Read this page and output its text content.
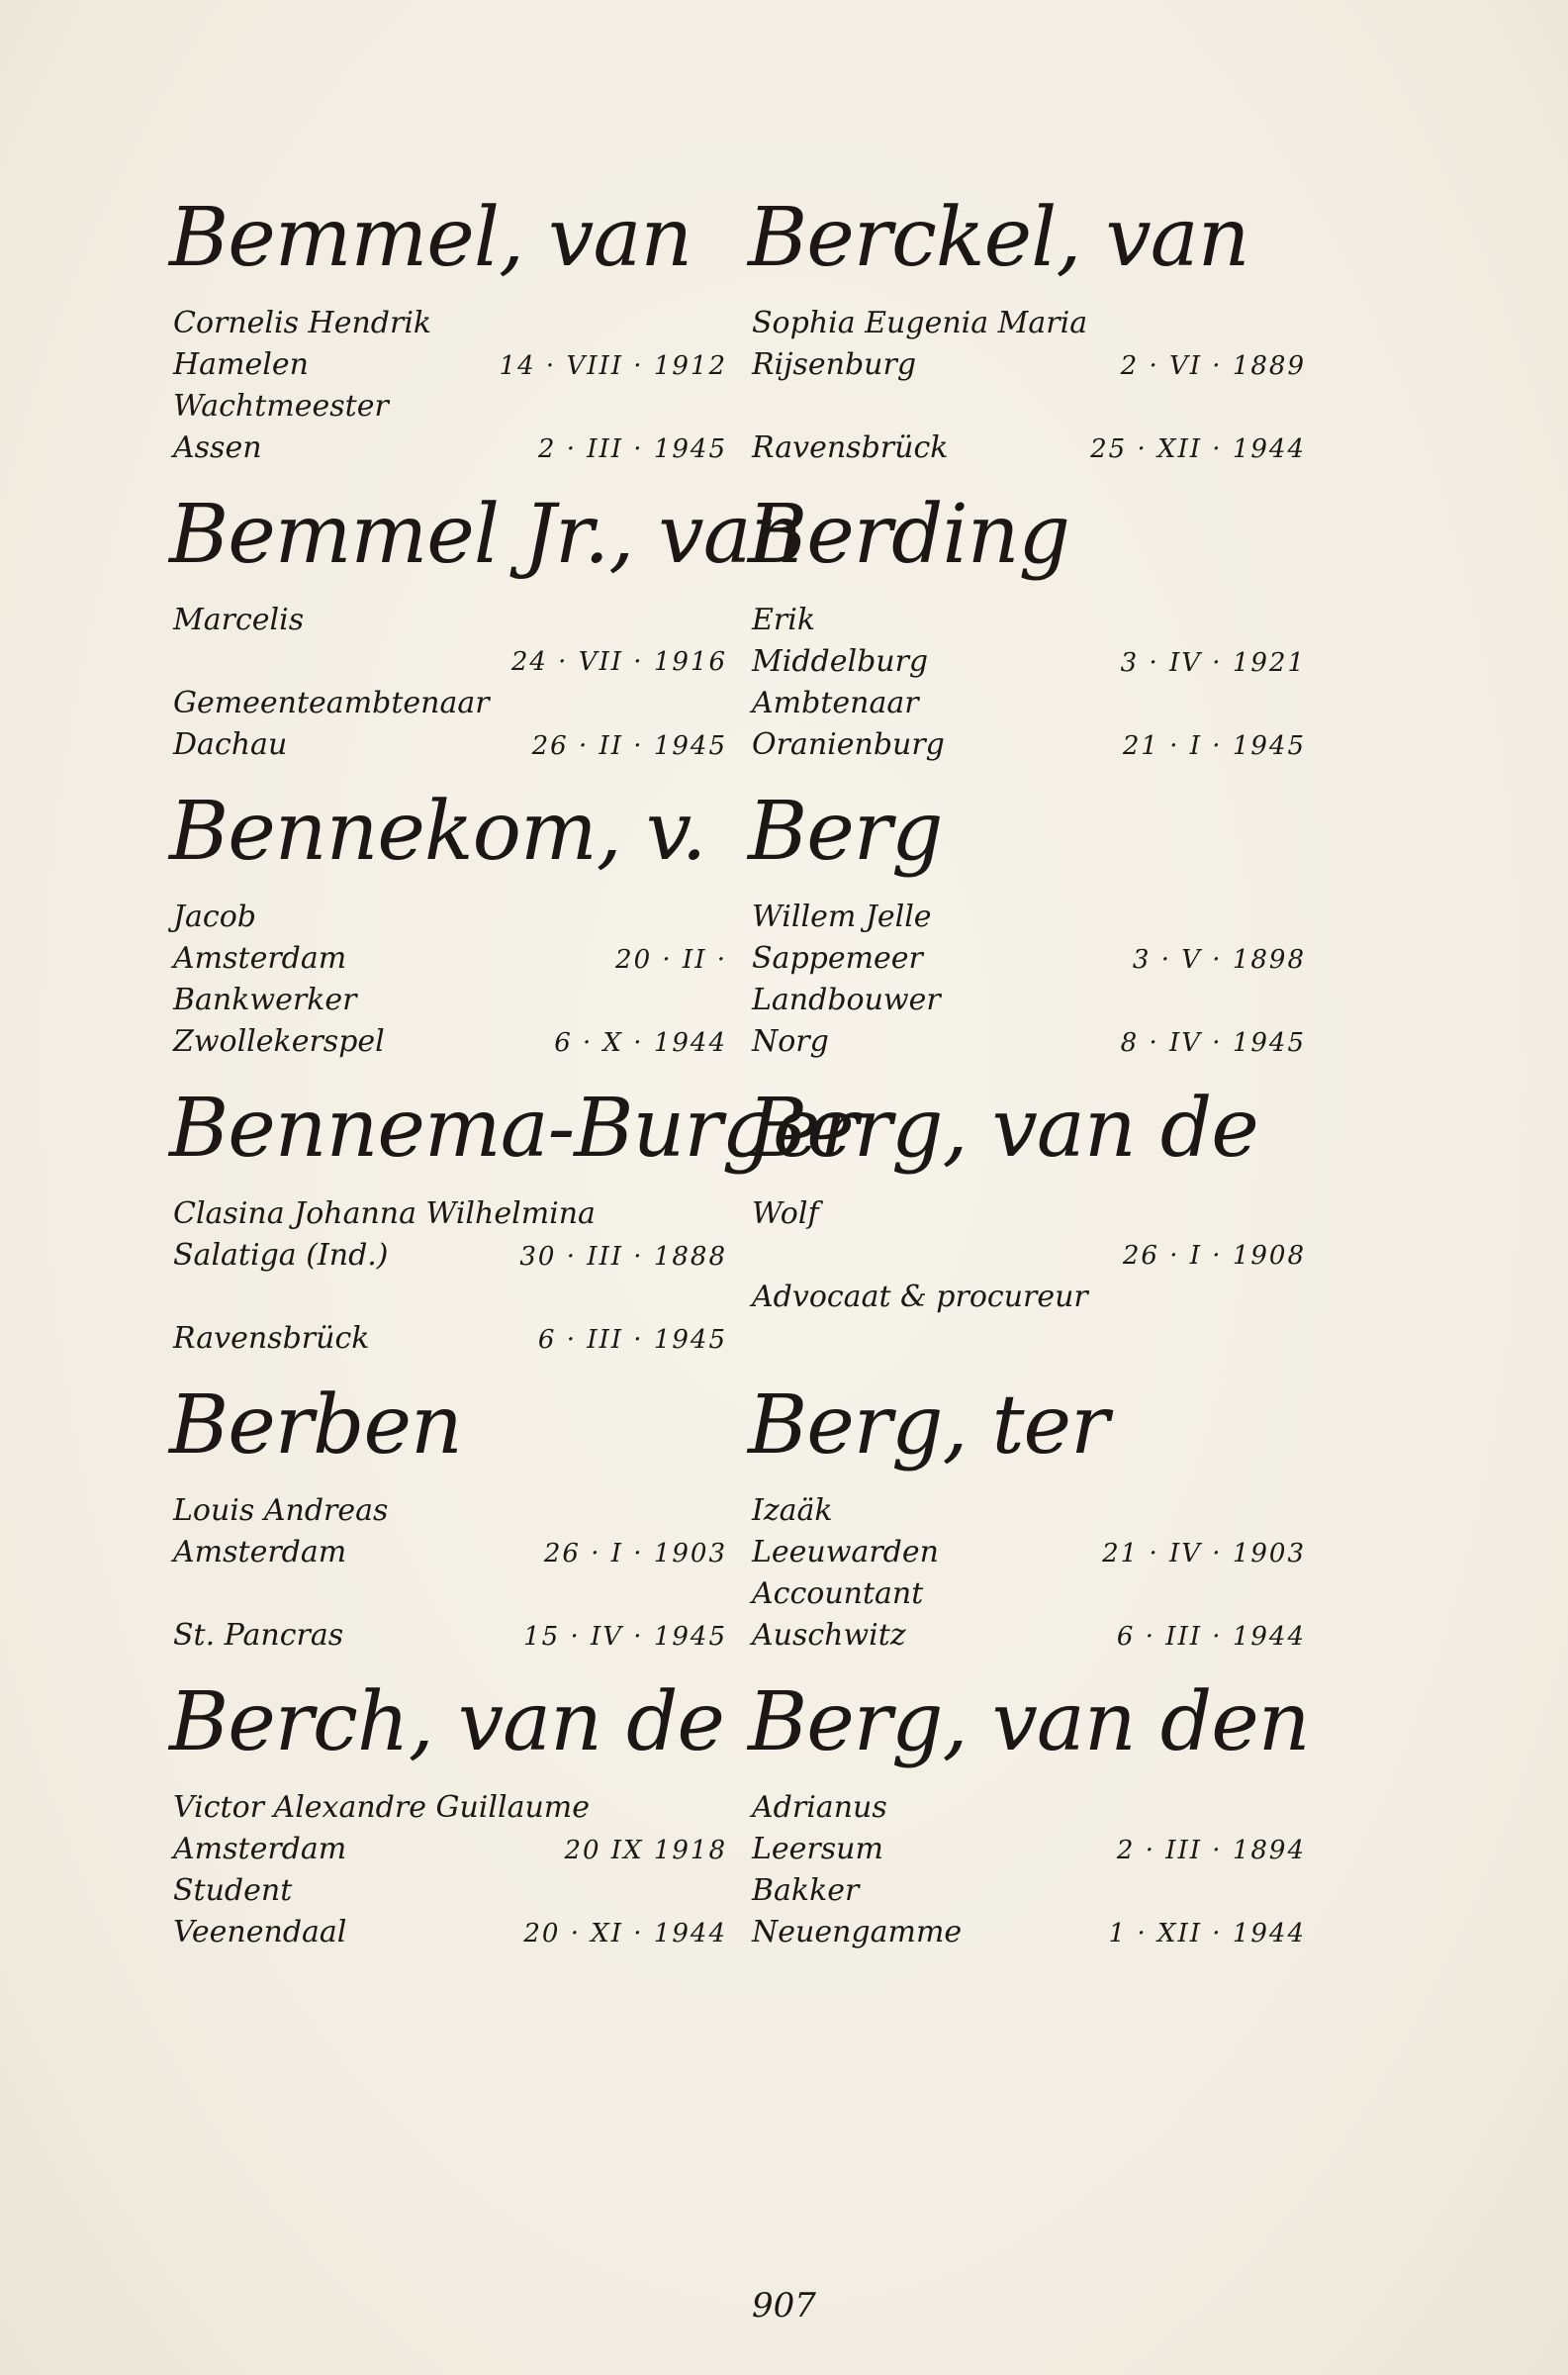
Bemmel, van
Cornelis Hendrik
Hamelen	14 · VIII · 1912
Wachtmeester
Assen	2 · III · 1945
Bemmel Jr., van
Marcelis
24 · VII · 1916
Gemeenteambtenaar
Dachau	26 · II · 1945
Bennekom, v.
Jacob
Amsterdam	20 · II ·
Bankwerker
Zwollekerspel	6 · X · 1944
Bennema-Burger
Clasina Johanna Wilhelmina
Salatiga (Ind.)	30 · III · 1888
Ravensbrück	6 · III · 1945
Berben
Louis Andreas
Amsterdam	26 · I · 1903
St. Pancras	15 · IV · 1945
Berch, van de
Victor Alexandre Guillaume
Amsterdam	20 IX 1918
Student
Veenendaal	20 · XI · 1944
Berckel, van
Sophia Eugenia Maria
Rijsenburg	2 · VI · 1889
Ravensbrück	25 · XII · 1944
Berding
Erik
Middelburg	3 · IV · 1921
Ambtenaar
Oranienburg	21 · I · 1945
Berg
Willem Jelle
Sappemeer	3 · V · 1898
Landbouwer
Norg	8 · IV · 1945
Berg, van de
Wolf
26 · I · 1908
Advocaat & procureur
Berg, ter
Izaäk
Leeuwarden	21 · IV · 1903
Accountant
Auschwitz	6 · III · 1944
Berg, van den
Adrianus
Leersum	2 · III · 1894
Bakker
Neuengamme	1 · XII · 1944
907
